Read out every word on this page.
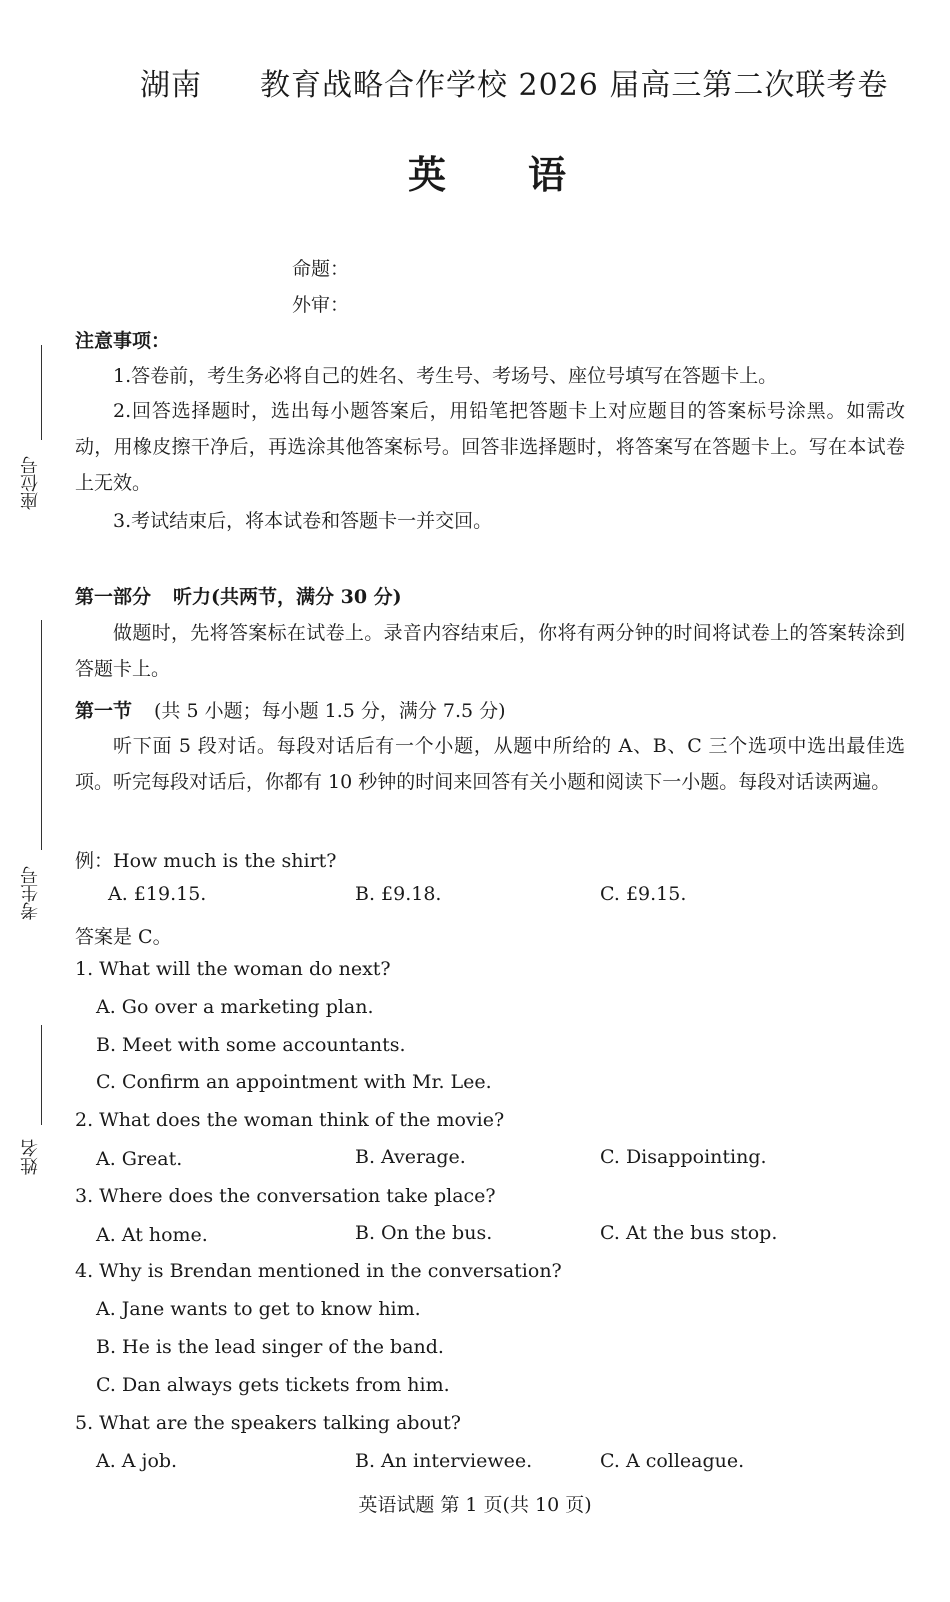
湖南 教育战略合作学校 2026 届高三第二次联考卷
英　　语
命题：
外审：
座位号
考生号
姓名
注意事项：
1.答卷前，考生务必将自己的姓名、考生号、考场号、座位号填写在答题卡上。
2.回答选择题时，选出每小题答案后，用铅笔把答题卡上对应题目的答案标号涂黑。如需改动，用橡皮擦干净后，再选涂其他答案标号。回答非选择题时，将答案写在答题卡上。写在本试卷上无效。
3.考试结束后，将本试卷和答题卡一并交回。
第一部分 听力(共两节，满分 30 分)
做题时，先将答案标在试卷上。录音内容结束后，你将有两分钟的时间将试卷上的答案转涂到答题卡上。
第一节 (共 5 小题；每小题 1.5 分，满分 7.5 分)
听下面 5 段对话。每段对话后有一个小题，从题中所给的 A、B、C 三个选项中选出最佳选项。听完每段对话后，你都有 10 秒钟的时间来回答有关小题和阅读下一小题。每段对话读两遍。
例：How much is the shirt?
A. £19.15.	B. £9.18.	C. £9.15.
答案是 C。
1. What will the woman do next?
A. Go over a marketing plan.
B. Meet with some accountants.
C. Confirm an appointment with Mr. Lee.
2. What does the woman think of the movie?
A. Great.	B. Average.	C. Disappointing.
3. Where does the conversation take place?
A. At home.	B. On the bus.	C. At the bus stop.
4. Why is Brendan mentioned in the conversation?
A. Jane wants to get to know him.
B. He is the lead singer of the band.
C. Dan always gets tickets from him.
5. What are the speakers talking about?
A. A job.	B. An interviewee.	C. A colleague.
英语试题 第 1 页(共 10 页)
